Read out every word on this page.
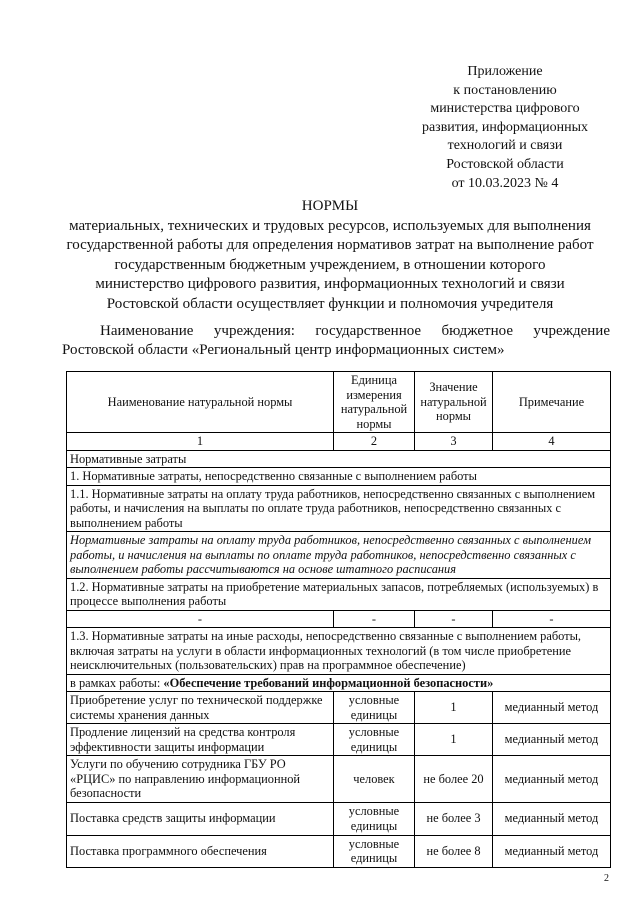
Приложение
к постановлению
министерства цифрового
развития, информационных
технологий и связи
Ростовской области
от 10.03.2023 № 4
НОРМЫ
материальных, технических и трудовых ресурсов, используемых для выполнения
государственной работы для определения нормативов затрат на выполнение работ
государственным бюджетным учреждением, в отношении которого
министерство цифрового развития, информационных технологий и связи
Ростовской области осуществляет функции и полномочия учредителя
Наименование учреждения: государственное бюджетное учреждение
Ростовской области «Региональный центр информационных систем»
Наименование натуральной нормы	Единица измерения натуральной нормы	Значение натуральной нормы	Примечание
1	2	3	4
Нормативные затраты			
1. Нормативные затраты, непосредственно связанные с выполнением работы			
1.1. Нормативные затраты на оплату труда работников, непосредственно связанных с выполнением работы, и начисления на выплаты по оплате труда работников, непосредственно связанных с выполнением работы			
Нормативные затраты на оплату труда работников, непосредственно связанных с выполнением работы, и начисления на выплаты по оплате труда работников, непосредственно связанных с выполнением работы рассчитываются на основе штатного расписания			
1.2. Нормативные затраты на приобретение материальных запасов, потребляемых (используемых) в процессе выполнения работы			
-	-	-	-
1.3. Нормативные затраты на иные расходы, непосредственно связанные с выполнением работы, включая затраты на услуги в области информационных технологий (в том числе приобретение неисключительных (пользовательских) прав на программное обеспечение)			
в рамках работы: «Обеспечение требований информационной безопасности»			
Приобретение услуг по технической поддержке системы хранения данных	условные единицы	1	медианный метод
Продление лицензий на средства контроля эффективности защиты информации	условные единицы	1	медианный метод
Услуги по обучению сотрудника ГБУ РО «РЦИС» по направлению информационной безопасности	человек	не более 20	медианный метод
Поставка средств защиты информации	условные единицы	не более 3	медианный метод
Поставка программного обеспечения	условные единицы	не более 8	медианный метод
2
